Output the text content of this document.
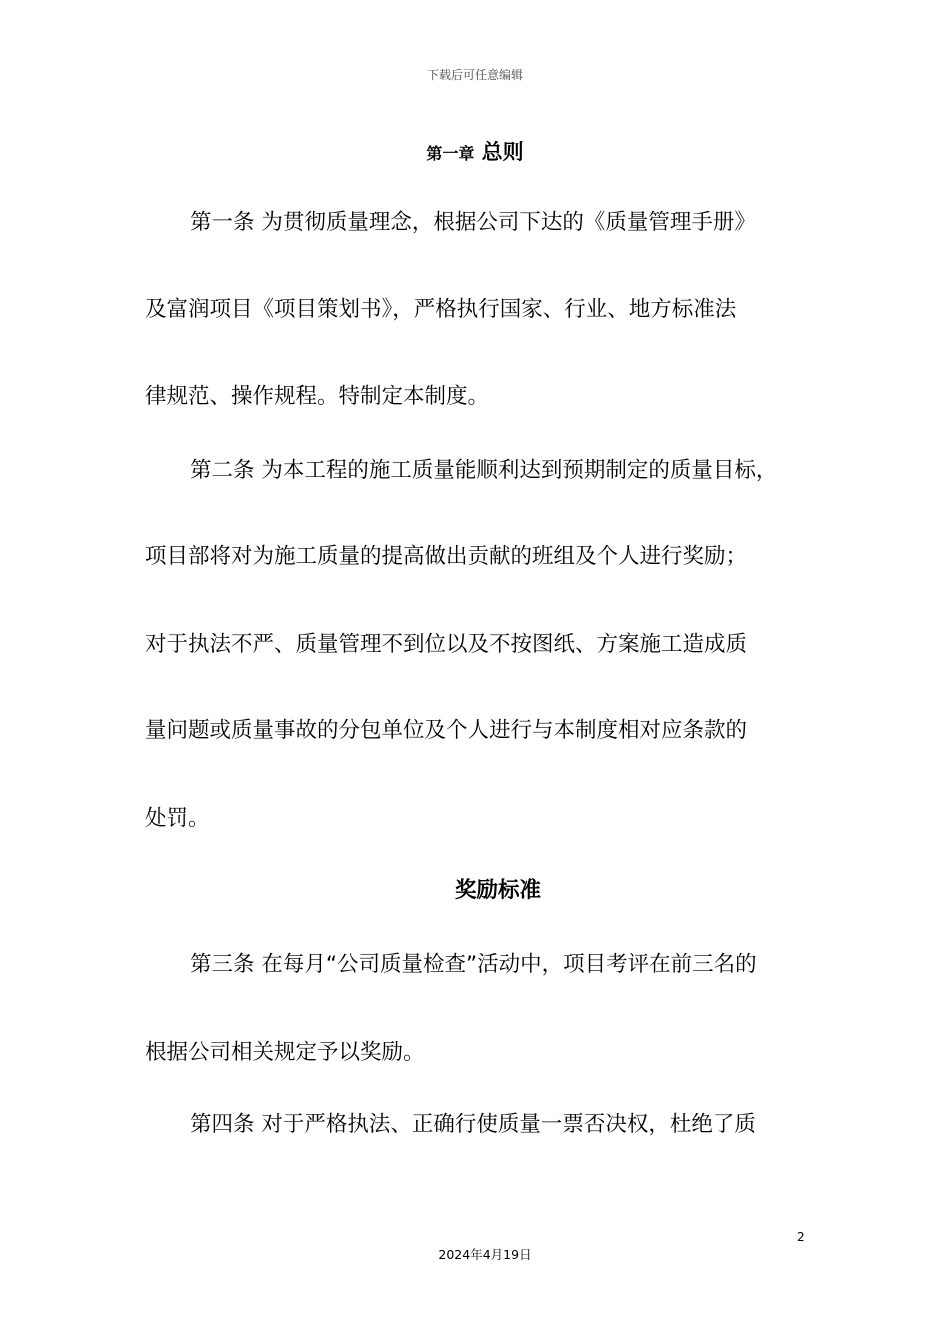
下载后可任意编辑
第一章 总则
第一条 为贯彻质量理念，根据公司下达的《质量管理手册》
及富润项目《项目策划书》，严格执行国家、行业、地方标准法
律规范、操作规程。特制定本制度。
第二条 为本工程的施工质量能顺利达到预期制定的质量目标，
项目部将对为施工质量的提高做出贡献的班组及个人进行奖励；
对于执法不严、质量管理不到位以及不按图纸、方案施工造成质
量问题或质量事故的分包单位及个人进行与本制度相对应条款的
处罚。
奖励标准
第三条 在每月“公司质量检查”活动中，项目考评在前三名的
根据公司相关规定予以奖励。
第四条 对于严格执法、正确行使质量一票否决权，杜绝了质
2
2024年4月19日
